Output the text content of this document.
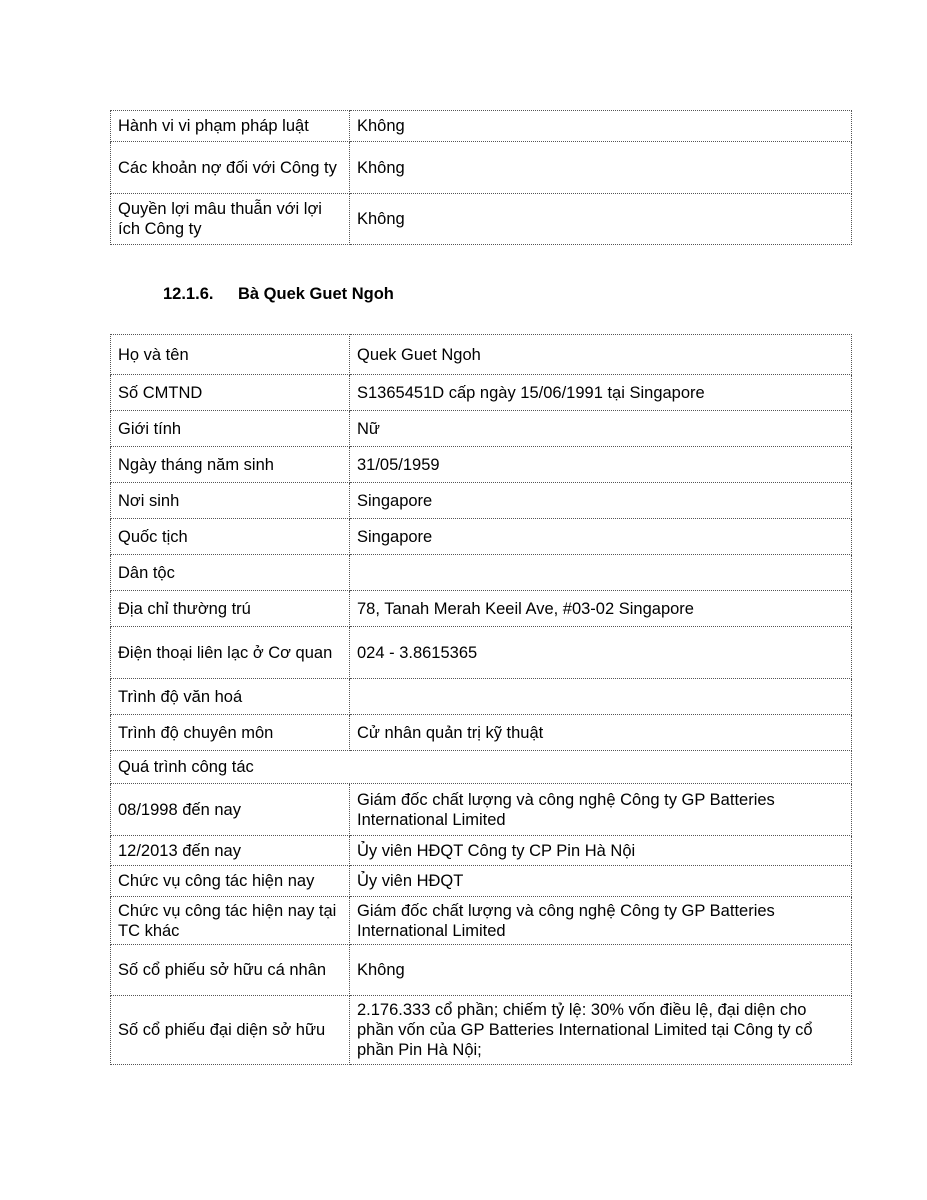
Hành vi vi phạm pháp luật	Không
Các khoản nợ đối với Công ty	Không
Quyền lợi mâu thuẫn với lợi ích Công ty	Không
12.1.6. Bà Quek Guet Ngoh
Họ và tên	Quek Guet Ngoh
Số CMTND	S1365451D cấp ngày 15/06/1991 tại Singapore
Giới tính	Nữ
Ngày tháng năm sinh	31/05/1959
Nơi sinh	Singapore
Quốc tịch	Singapore
Dân tộc	
Địa chỉ thường trú	78, Tanah Merah Keeil Ave, #03-02 Singapore
Điện thoại liên lạc ở Cơ quan	024 - 3.8615365
Trình độ văn hoá	
Trình độ chuyên môn	Cử nhân quản trị kỹ thuật
Quá trình công tác	
08/1998 đến nay	Giám đốc chất lượng và công nghệ Công ty GP Batteries International Limited
12/2013 đến nay	Ủy viên HĐQT Công ty CP Pin Hà Nội
Chức vụ công tác hiện nay	Ủy viên HĐQT
Chức vụ công tác hiện nay tại TC khác	Giám đốc chất lượng và công nghệ Công ty GP Batteries International Limited
Số cổ phiếu sở hữu cá nhân	Không
Số cổ phiếu đại diện sở hữu	2.176.333 cổ phần; chiếm tỷ lệ: 30% vốn điều lệ, đại diện cho phần vốn của GP Batteries International Limited tại Công ty cổ phần Pin Hà Nội;
